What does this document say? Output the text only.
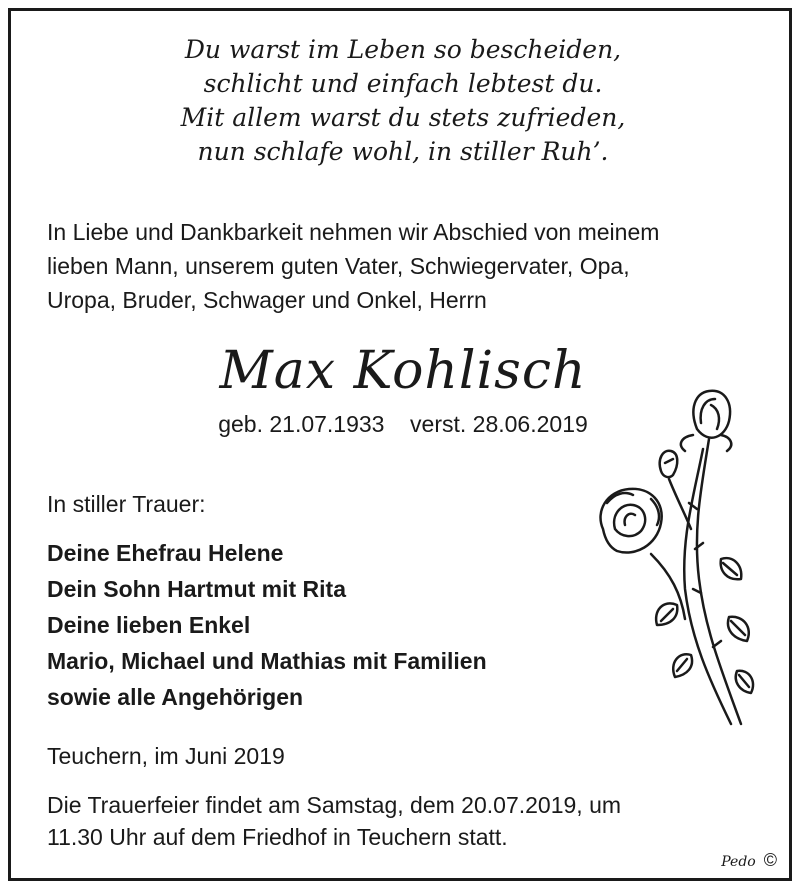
Du warst im Leben so bescheiden,
schlicht und einfach lebtest du.
Mit allem warst du stets zufrieden,
nun schlafe wohl, in stiller Ruh’.
In Liebe und Dankbarkeit nehmen wir Abschied von meinem
lieben Mann, unserem guten Vater, Schwiegervater, Opa,
Uropa, Bruder, Schwager und Onkel, Herrn
Max Kohlisch
geb. 21.07.1933 verst. 28.06.2019
In stiller Trauer:
Deine Ehefrau Helene
Dein Sohn Hartmut mit Rita
Deine lieben Enkel
Mario, Michael und Mathias mit Familien
sowie alle Angehörigen
Teuchern, im Juni 2019
Die Trauerfeier findet am Samstag, dem 20.07.2019, um
11.30 Uhr auf dem Friedhof in Teuchern statt.
Pedo ©
